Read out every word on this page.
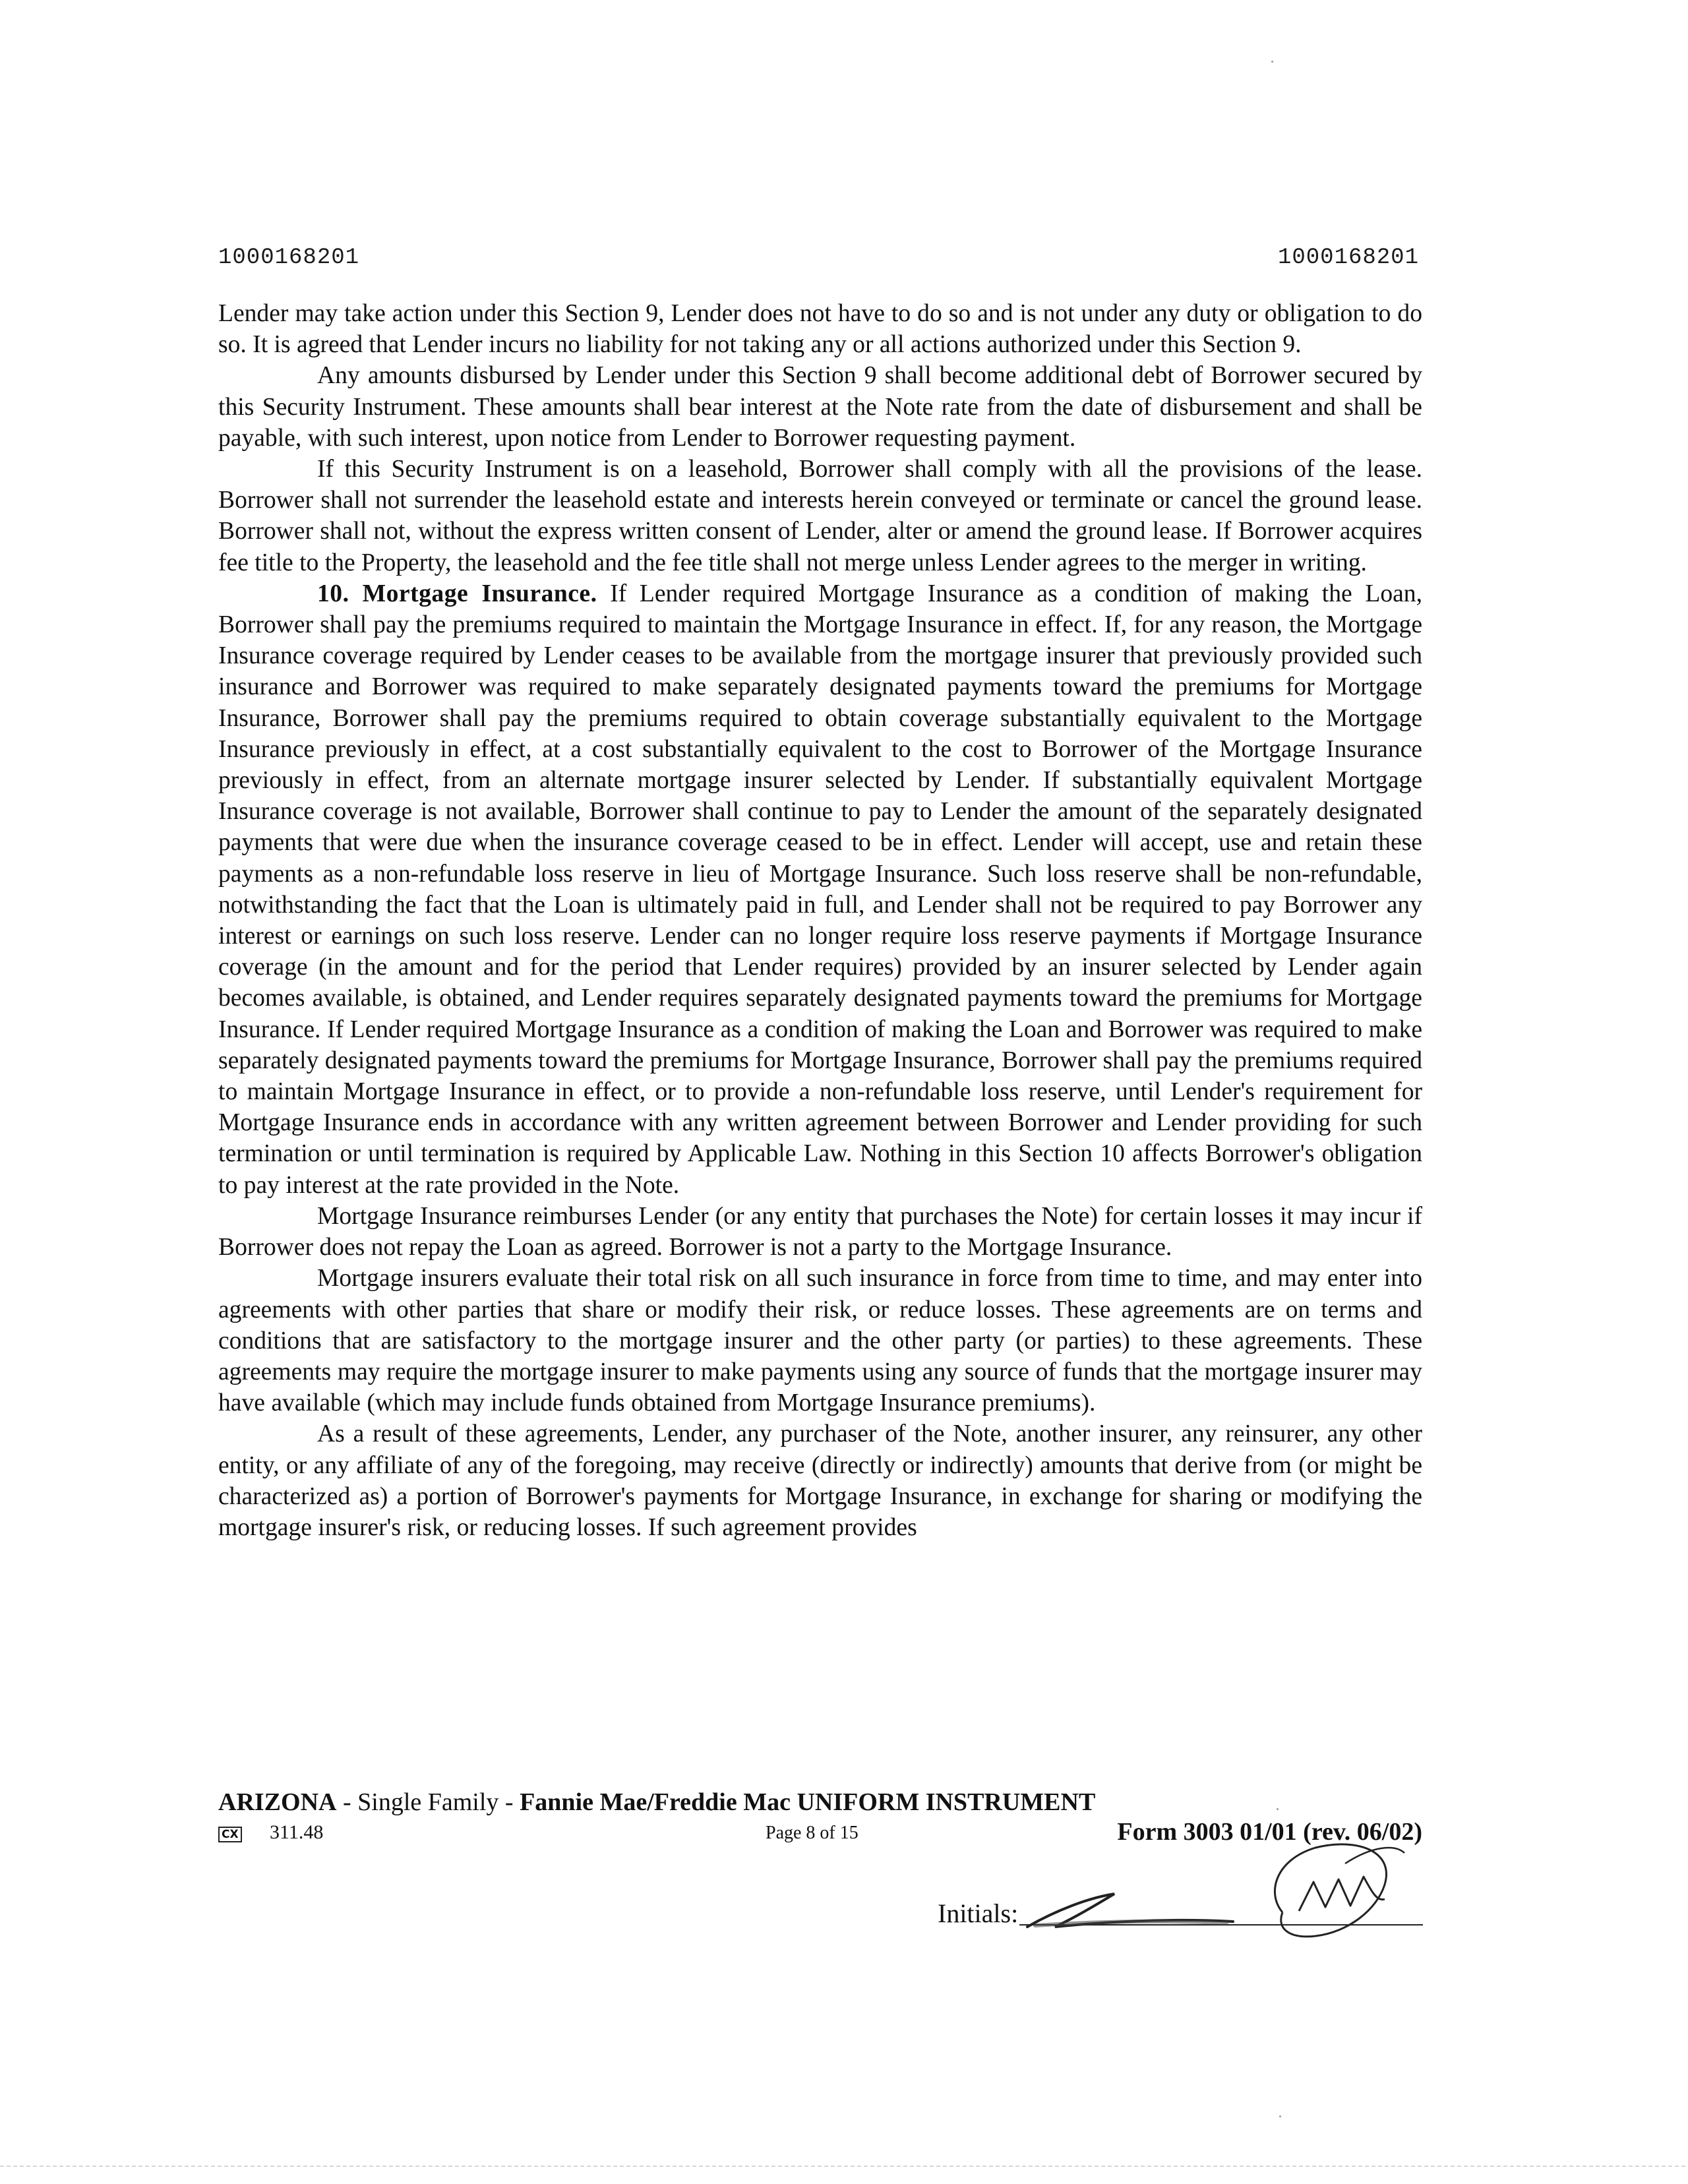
1000168201	1000168201

Lender may take action under this Section 9, Lender does not have to do so and is not under any duty or obligation to do so. It is agreed that Lender incurs no liability for not taking any or all actions authorized under this Section 9.

Any amounts disbursed by Lender under this Section 9 shall become additional debt of Borrower secured by this Security Instrument. These amounts shall bear interest at the Note rate from the date of disbursement and shall be payable, with such interest, upon notice from Lender to Borrower requesting payment.

If this Security Instrument is on a leasehold, Borrower shall comply with all the provisions of the lease. Borrower shall not surrender the leasehold estate and interests herein conveyed or terminate or cancel the ground lease. Borrower shall not, without the express written consent of Lender, alter or amend the ground lease. If Borrower acquires fee title to the Property, the leasehold and the fee title shall not merge unless Lender agrees to the merger in writing.

10. Mortgage Insurance. If Lender required Mortgage Insurance as a condition of making the Loan, Borrower shall pay the premiums required to maintain the Mortgage Insurance in effect. If, for any reason, the Mortgage Insurance coverage required by Lender ceases to be available from the mortgage insurer that previously provided such insurance and Borrower was required to make separately designated payments toward the premiums for Mortgage Insurance, Borrower shall pay the premiums required to obtain coverage substantially equivalent to the Mortgage Insurance previously in effect, at a cost substantially equivalent to the cost to Borrower of the Mortgage Insurance previously in effect, from an alternate mortgage insurer selected by Lender. If substantially equivalent Mortgage Insurance coverage is not available, Borrower shall continue to pay to Lender the amount of the separately designated payments that were due when the insurance coverage ceased to be in effect. Lender will accept, use and retain these payments as a non-refundable loss reserve in lieu of Mortgage Insurance. Such loss reserve shall be non-refundable, notwithstanding the fact that the Loan is ultimately paid in full, and Lender shall not be required to pay Borrower any interest or earnings on such loss reserve. Lender can no longer require loss reserve payments if Mortgage Insurance coverage (in the amount and for the period that Lender requires) provided by an insurer selected by Lender again becomes available, is obtained, and Lender requires separately designated payments toward the premiums for Mortgage Insurance. If Lender required Mortgage Insurance as a condition of making the Loan and Borrower was required to make separately designated payments toward the premiums for Mortgage Insurance, Borrower shall pay the premiums required to maintain Mortgage Insurance in effect, or to provide a non-refundable loss reserve, until Lender's requirement for Mortgage Insurance ends in accordance with any written agreement between Borrower and Lender providing for such termination or until termination is required by Applicable Law. Nothing in this Section 10 affects Borrower's obligation to pay interest at the rate provided in the Note.

Mortgage Insurance reimburses Lender (or any entity that purchases the Note) for certain losses it may incur if Borrower does not repay the Loan as agreed. Borrower is not a party to the Mortgage Insurance.

Mortgage insurers evaluate their total risk on all such insurance in force from time to time, and may enter into agreements with other parties that share or modify their risk, or reduce losses. These agreements are on terms and conditions that are satisfactory to the mortgage insurer and the other party (or parties) to these agreements. These agreements may require the mortgage insurer to make payments using any source of funds that the mortgage insurer may have available (which may include funds obtained from Mortgage Insurance premiums).

As a result of these agreements, Lender, any purchaser of the Note, another insurer, any reinsurer, any other entity, or any affiliate of any of the foregoing, may receive (directly or indirectly) amounts that derive from (or might be characterized as) a portion of Borrower's payments for Mortgage Insurance, in exchange for sharing or modifying the mortgage insurer's risk, or reducing losses. If such agreement provides

ARIZONA - Single Family - Fannie Mae/Freddie Mac UNIFORM INSTRUMENT
CX 311.48	Page 8 of 15	Form 3003 01/01 (rev. 06/02)
Initials:
